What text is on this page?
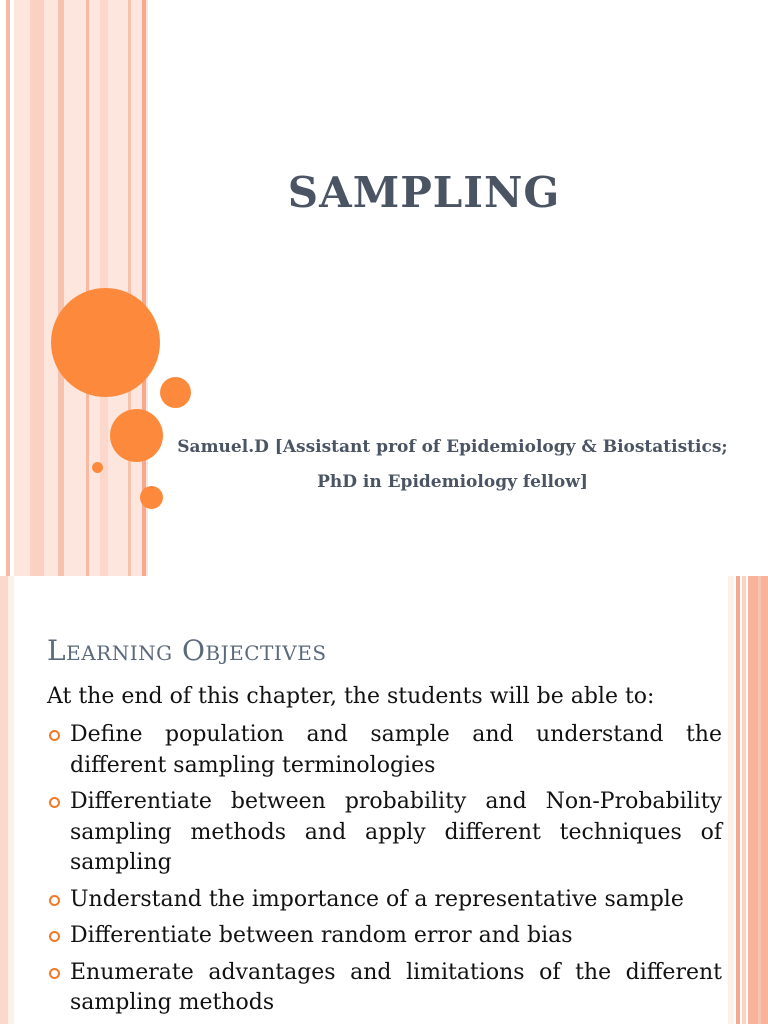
SAMPLING
Samuel.D [Assistant prof of Epidemiology & Biostatistics;
PhD in Epidemiology fellow]
Learning Objectives
At the end of this chapter, the students will be able to:
Define population and sample and understand the different sampling terminologies
Differentiate between probability and Non-Probability sampling methods and apply different techniques of sampling
Understand the importance of a representative sample
Differentiate between random error and bias
Enumerate advantages and limitations of the different sampling methods
